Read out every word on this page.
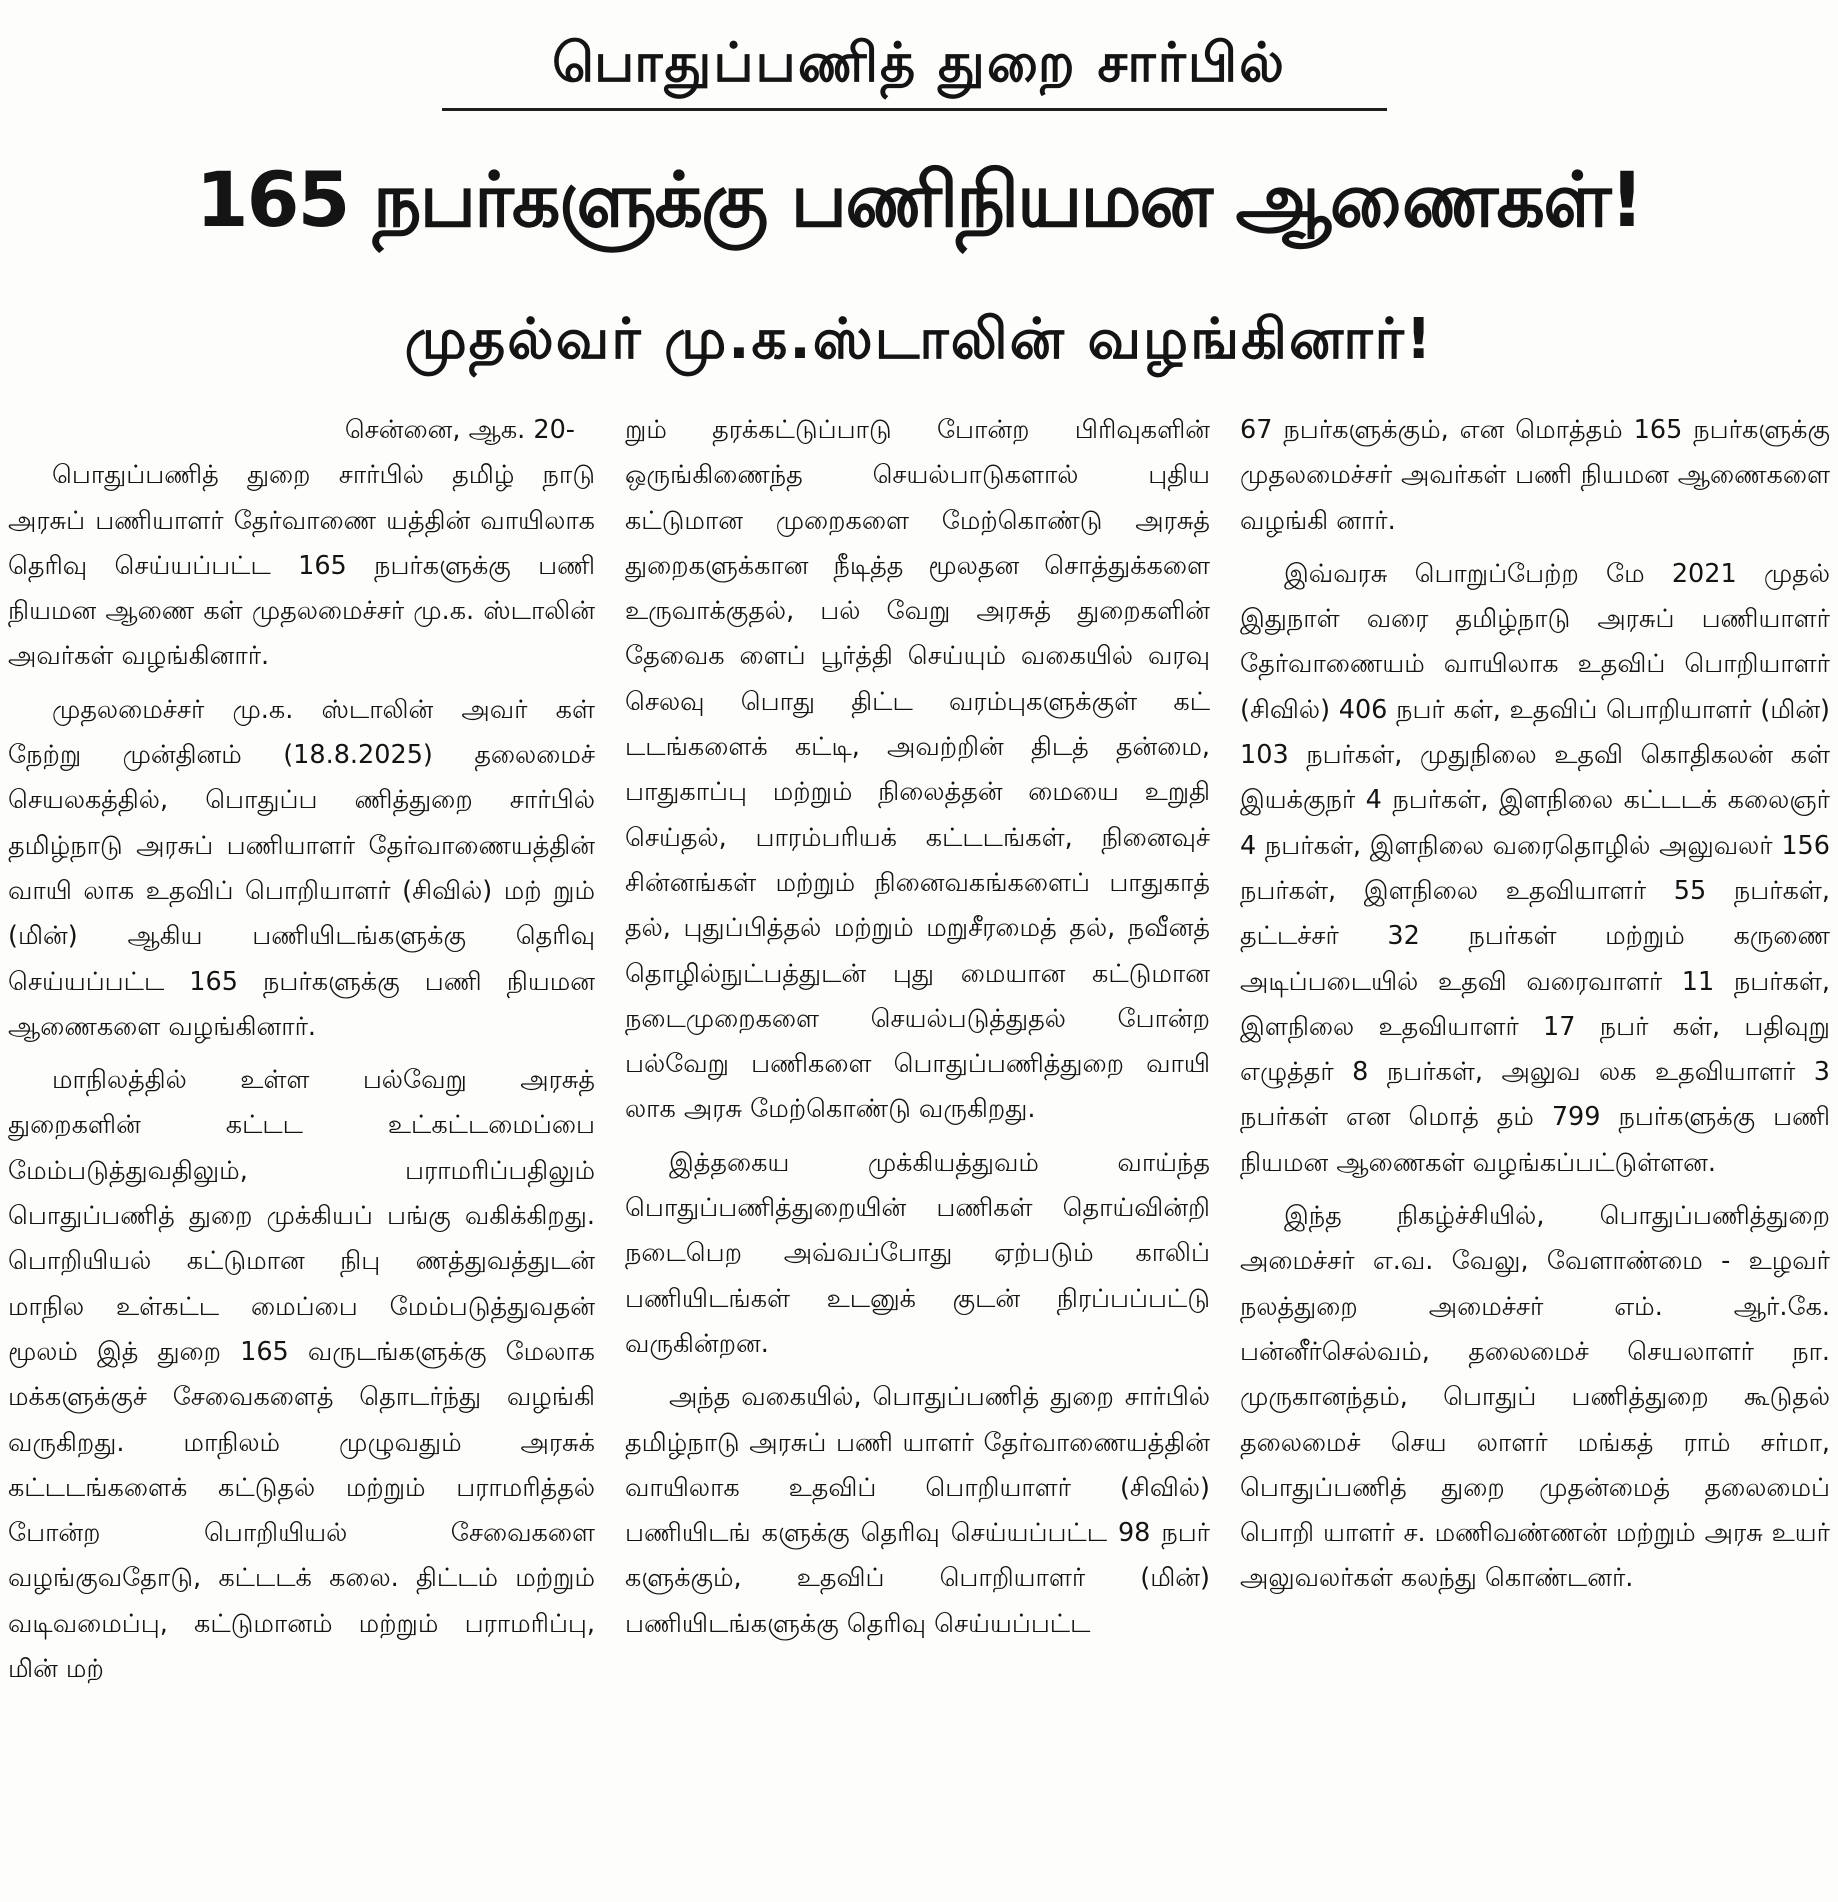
பொதுப்பணித் துறை சார்பில்
165 நபர்களுக்கு பணிநியமன ஆணைகள்!
முதல்வர் மு.க.ஸ்டாலின் வழங்கினார்!
சென்னை, ஆக. 20-

பொதுப்பணித் துறை சார்பில் தமிழ் நாடு அரசுப் பணியாளர் தேர்வாணை யத்தின் வாயிலாக தெரிவு செய்யப்பட்ட 165 நபர்களுக்கு பணி நியமன ஆணை கள் முதலமைச்சர் மு.க. ஸ்டாலின் அவர்கள் வழங்கினார்.

முதலமைச்சர் மு.க. ஸ்டாலின் அவர் கள் நேற்று முன்தினம் (18.8.2025) தலைமைச் செயலகத்தில், பொதுப்ப ணித்துறை சார்பில் தமிழ்நாடு அரசுப் பணியாளர் தேர்வாணையத்தின் வாயி லாக உதவிப் பொறியாளர் (சிவில்) மற் றும் (மின்) ஆகிய பணியிடங்களுக்கு தெரிவு செய்யப்பட்ட 165 நபர்களுக்கு பணி நியமன ஆணைகளை வழங்கினார்.

மாநிலத்தில் உள்ள பல்வேறு அரசுத் துறைகளின் கட்டட உட்கட்டமைப்பை மேம்படுத்துவதிலும், பராமரிப்பதிலும் பொதுப்பணித் துறை முக்கியப் பங்கு வகிக்கிறது. பொறியியல் கட்டுமான நிபு ணத்துவத்துடன் மாநில உள்கட்ட மைப்பை மேம்படுத்துவதன் மூலம் இத் துறை 165 வருடங்களுக்கு மேலாக மக்களுக்குச் சேவைகளைத் தொடர்ந்து வழங்கி வருகிறது. மாநிலம் முழுவதும் அரசுக் கட்டடங்களைக் கட்டுதல் மற்றும் பராமரித்தல் போன்ற பொறியியல் சேவைகளை வழங்குவதோடு, கட்டடக் கலை. திட்டம் மற்றும் வடிவமைப்பு, கட்டுமானம் மற்றும் பராமரிப்பு, மின் மற்

றும் தரக்கட்டுப்பாடு போன்ற பிரிவுகளின் ஒருங்கிணைந்த செயல்பாடுகளால் புதிய கட்டுமான முறைகளை மேற்கொண்டு அரசுத் துறைகளுக்கான நீடித்த மூலதன சொத்துக்களை உருவாக்குதல், பல் வேறு அரசுத் துறைகளின் தேவைக ளைப் பூர்த்தி செய்யும் வகையில் வரவு செலவு பொது திட்ட வரம்புகளுக்குள் கட் டடங்களைக் கட்டி, அவற்றின் திடத் தன்மை, பாதுகாப்பு மற்றும் நிலைத்தன் மையை உறுதி செய்தல், பாரம்பரியக் கட்டடங்கள், நினைவுச் சின்னங்கள் மற்றும் நினைவகங்களைப் பாதுகாத் தல், புதுப்பித்தல் மற்றும் மறுசீரமைத் தல், நவீனத் தொழில்நுட்பத்துடன் புது மையான கட்டுமான நடைமுறைகளை செயல்படுத்துதல் போன்ற பல்வேறு பணிகளை பொதுப்பணித்துறை வாயி லாக அரசு மேற்கொண்டு வருகிறது.

இத்தகைய முக்கியத்துவம் வாய்ந்த பொதுப்பணித்துறையின் பணிகள் தொய்வின்றி நடைபெற அவ்வப்போது ஏற்படும் காலிப் பணியிடங்கள் உடனுக் குடன் நிரப்பப்பட்டு வருகின்றன.

அந்த வகையில், பொதுப்பணித் துறை சார்பில் தமிழ்நாடு அரசுப் பணி யாளர் தேர்வாணையத்தின் வாயிலாக உதவிப் பொறியாளர் (சிவில்) பணியிடங் களுக்கு தெரிவு செய்யப்பட்ட 98 நபர் களுக்கும், உதவிப் பொறியாளர் (மின்) பணியிடங்களுக்கு தெரிவு செய்யப்பட்ட

67 நபர்களுக்கும், என மொத்தம் 165 நபர்களுக்கு முதலமைச்சர் அவர்கள் பணி நியமன ஆணைகளை வழங்கி னார்.

இவ்வரசு பொறுப்பேற்ற மே 2021 முதல் இதுநாள் வரை தமிழ்நாடு அரசுப் பணியாளர் தேர்வாணையம் வாயிலாக உதவிப் பொறியாளர் (சிவில்) 406 நபர் கள், உதவிப் பொறியாளர் (மின்) 103 நபர்கள், முதுநிலை உதவி கொதிகலன் கள் இயக்குநர் 4 நபர்கள், இளநிலை கட்டடக் கலைஞர் 4 நபர்கள், இளநிலை வரைதொழில் அலுவலர் 156 நபர்கள், இளநிலை உதவியாளர் 55 நபர்கள், தட்டச்சர் 32 நபர்கள் மற்றும் கருணை அடிப்படையில் உதவி வரைவாளர் 11 நபர்கள், இளநிலை உதவியாளர் 17 நபர் கள், பதிவுறு எழுத்தர் 8 நபர்கள், அலுவ லக உதவியாளர் 3 நபர்கள் என மொத் தம் 799 நபர்களுக்கு பணி நியமன ஆணைகள் வழங்கப்பட்டுள்ளன.

இந்த நிகழ்ச்சியில், பொதுப்பணித்துறை அமைச்சர் எ.வ. வேலு, வேளாண்மை - உழவர் நலத்துறை அமைச்சர் எம். ஆர்.கே. பன்னீர்செல்வம், தலைமைச் செயலாளர் நா. முருகானந்தம், பொதுப் பணித்துறை கூடுதல் தலைமைச் செய லாளர் மங்கத் ராம் சர்மா, பொதுப்பணித் துறை முதன்மைத் தலைமைப் பொறி யாளர் ச. மணிவண்ணன் மற்றும் அரசு உயர் அலுவலர்கள் கலந்து கொண்டனர்.
